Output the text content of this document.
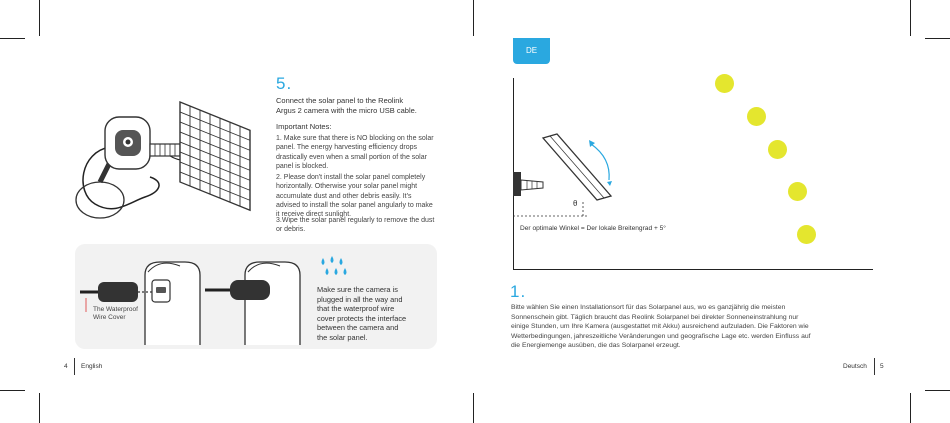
5.
Connect the solar panel to the Reolink
Argus 2 camera with the micro USB cable.
Important Notes:
1. Make sure that there is NO blocking on the solar
panel. The energy harvesting efficiency drops
drastically even when a small portion of the solar
panel is blocked.
2. Please don't install the solar panel completely
horizontally. Otherwise your solar panel might
accumulate dust and other debris easily. It's
advised to install the solar panel angularly to make
it receive direct sunlight.
3.Wipe the solar panel regularly to remove the dust
or debris.
The Waterproof
Wire Cover
Make sure the camera is
plugged in all the way and
that the waterproof wire
cover protects the interface
between the camera and
the solar panel.
4 English
DE
θ
Der optimale Winkel = Der lokale Breitengrad + 5°
1.
Bitte wählen Sie einen Installationsort für das Solarpanel aus, wo es ganzjährig die meisten
Sonnenschein gibt. Täglich braucht das Reolink Solarpanel bei direkter Sonneneinstrahlung nur
einige Stunden, um Ihre Kamera (ausgestattet mit Akku) ausreichend aufzuladen. Die Faktoren wie
Wetterbedingungen, jahreszeitliche Veränderungen und geografische Lage etc. werden Einfluss auf
die Energiemenge ausüben, die das Solarpanel erzeugt.
Deutsch 5
